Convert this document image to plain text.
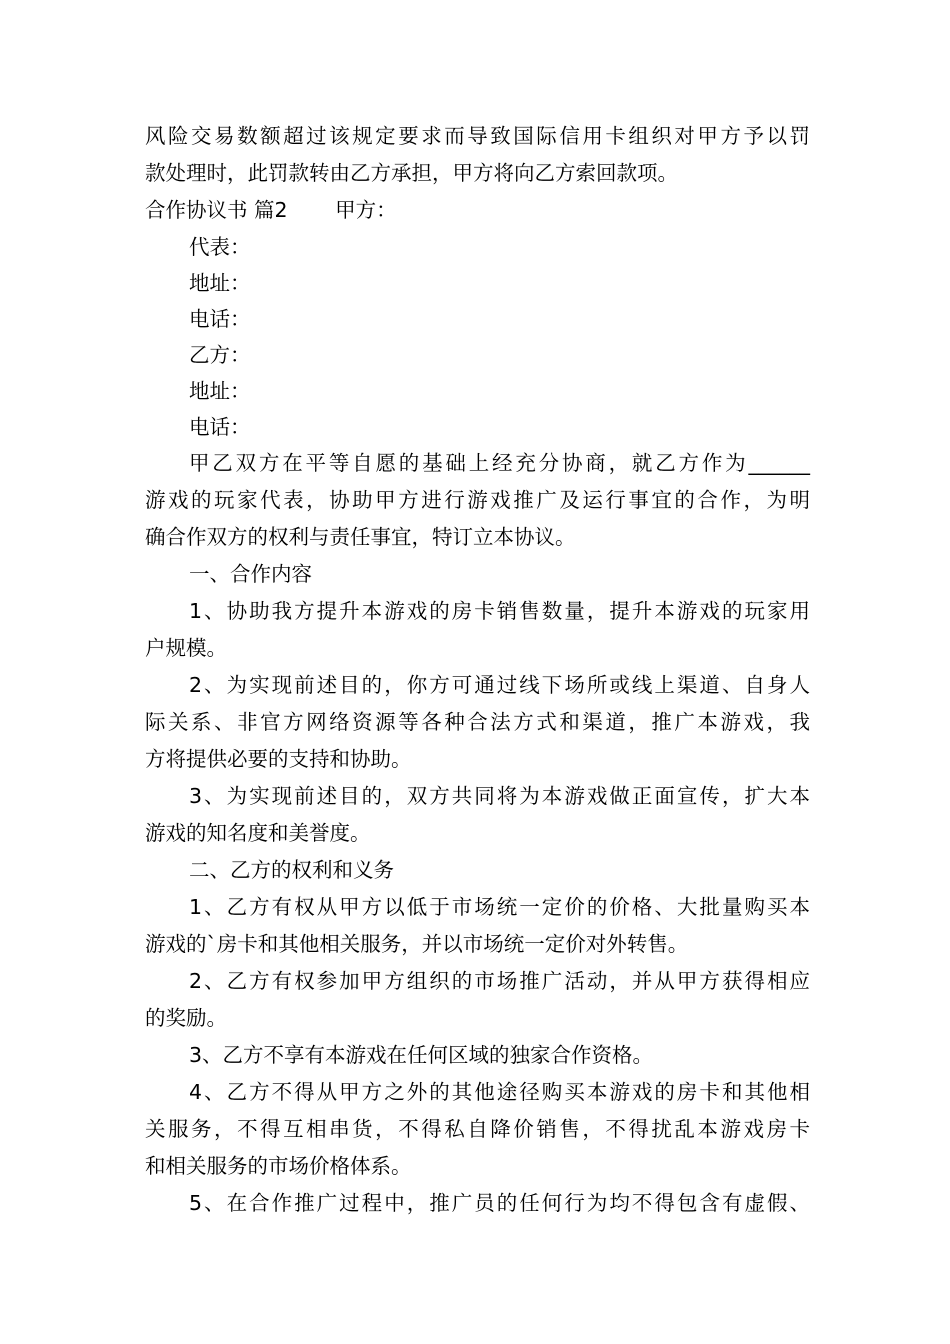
风险交易数额超过该规定要求而导致国际信用卡组织对甲方予以罚
款处理时，此罚款转由乙方承担，甲方将向乙方索回款项。
合作协议书 篇2　　 甲方：
代表：
地址：
电话：
乙方：
地址：
电话：
甲乙双方在平等自愿的基础上经充分协商，就乙方作为______
游戏的玩家代表，协助甲方进行游戏推广及运行事宜的合作，为明
确合作双方的权利与责任事宜，特订立本协议。
一、合作内容
1、协助我方提升本游戏的房卡销售数量，提升本游戏的玩家用
户规模。
2、为实现前述目的，你方可通过线下场所或线上渠道、自身人
际关系、非官方网络资源等各种合法方式和渠道，推广本游戏，我
方将提供必要的支持和协助。
3、为实现前述目的，双方共同将为本游戏做正面宣传，扩大本
游戏的知名度和美誉度。
二、乙方的权利和义务
1、乙方有权从甲方以低于市场统一定价的价格、大批量购买本
游戏的`房卡和其他相关服务，并以市场统一定价对外转售。
2、乙方有权参加甲方组织的市场推广活动，并从甲方获得相应
的奖励。
3、乙方不享有本游戏在任何区域的独家合作资格。
4、乙方不得从甲方之外的其他途径购买本游戏的房卡和其他相
关服务，不得互相串货，不得私自降价销售，不得扰乱本游戏房卡
和相关服务的市场价格体系。
5、在合作推广过程中，推广员的任何行为均不得包含有虚假、
